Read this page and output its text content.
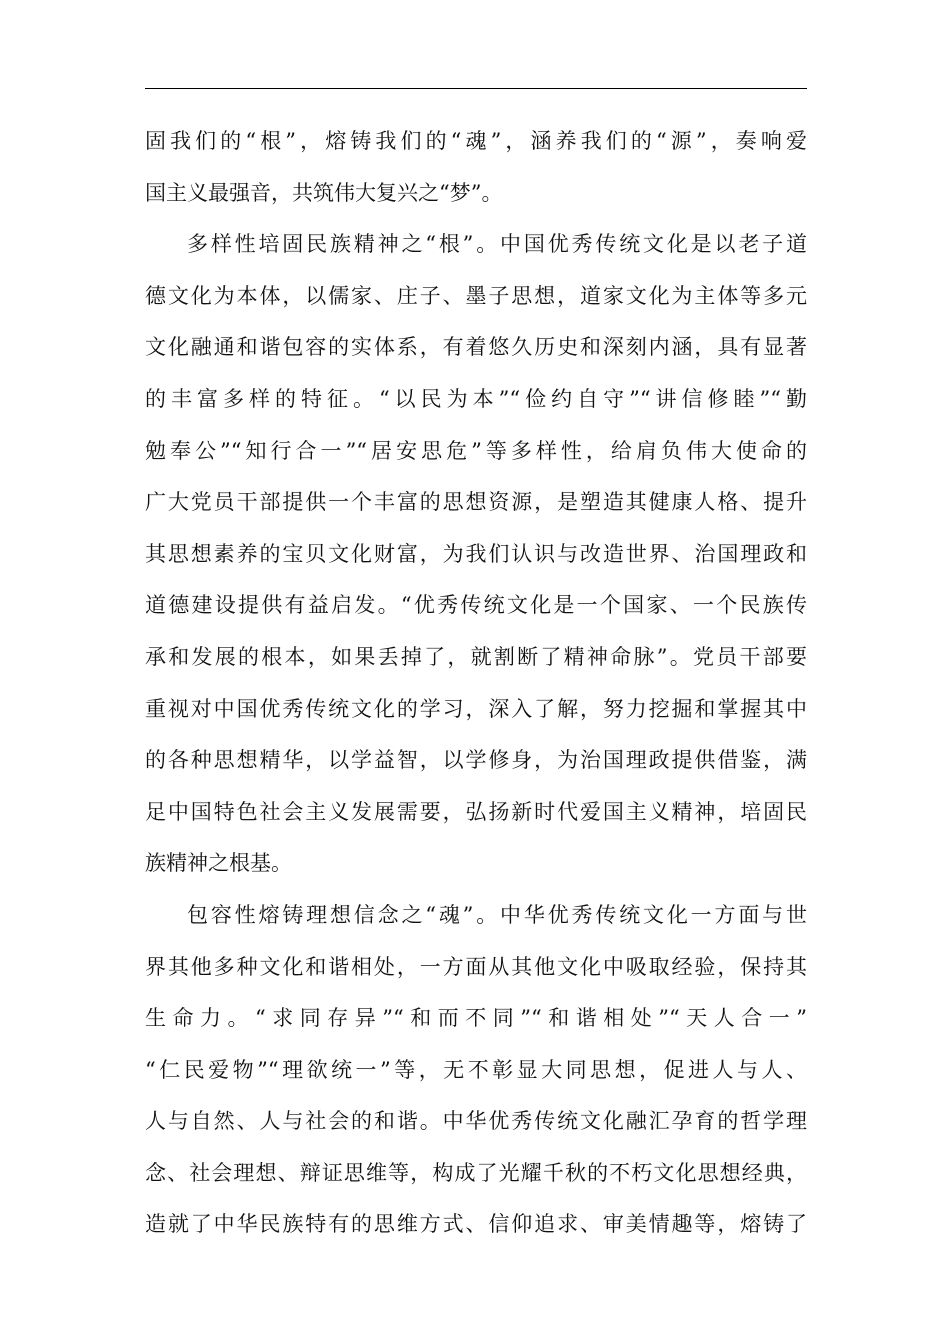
固我们的“根”，熔铸我们的“魂”，涵养我们的“源”，奏响爱
国主义最强音，共筑伟大复兴之“梦”。
多样性培固民族精神之“根”。中国优秀传统文化是以老子道
德文化为本体，以儒家、庄子、墨子思想，道家文化为主体等多元
文化融通和谐包容的实体系，有着悠久历史和深刻内涵，具有显著
的丰富多样的特征。“以民为本”“俭约自守”“讲信修睦”“勤
勉奉公”“知行合一”“居安思危”等多样性，给肩负伟大使命的
广大党员干部提供一个丰富的思想资源，是塑造其健康人格、提升
其思想素养的宝贝文化财富，为我们认识与改造世界、治国理政和
道德建设提供有益启发。“优秀传统文化是一个国家、一个民族传
承和发展的根本，如果丢掉了，就割断了精神命脉”。党员干部要
重视对中国优秀传统文化的学习，深入了解，努力挖掘和掌握其中
的各种思想精华，以学益智，以学修身，为治国理政提供借鉴，满
足中国特色社会主义发展需要，弘扬新时代爱国主义精神，培固民
族精神之根基。
包容性熔铸理想信念之“魂”。中华优秀传统文化一方面与世
界其他多种文化和谐相处，一方面从其他文化中吸取经验，保持其
生命力。“求同存异”“和而不同”“和谐相处”“天人合一”
“仁民爱物”“理欲统一”等，无不彰显大同思想，促进人与人、
人与自然、人与社会的和谐。中华优秀传统文化融汇孕育的哲学理
念、社会理想、辩证思维等，构成了光耀千秋的不朽文化思想经典，
造就了中华民族特有的思维方式、信仰追求、审美情趣等，熔铸了
